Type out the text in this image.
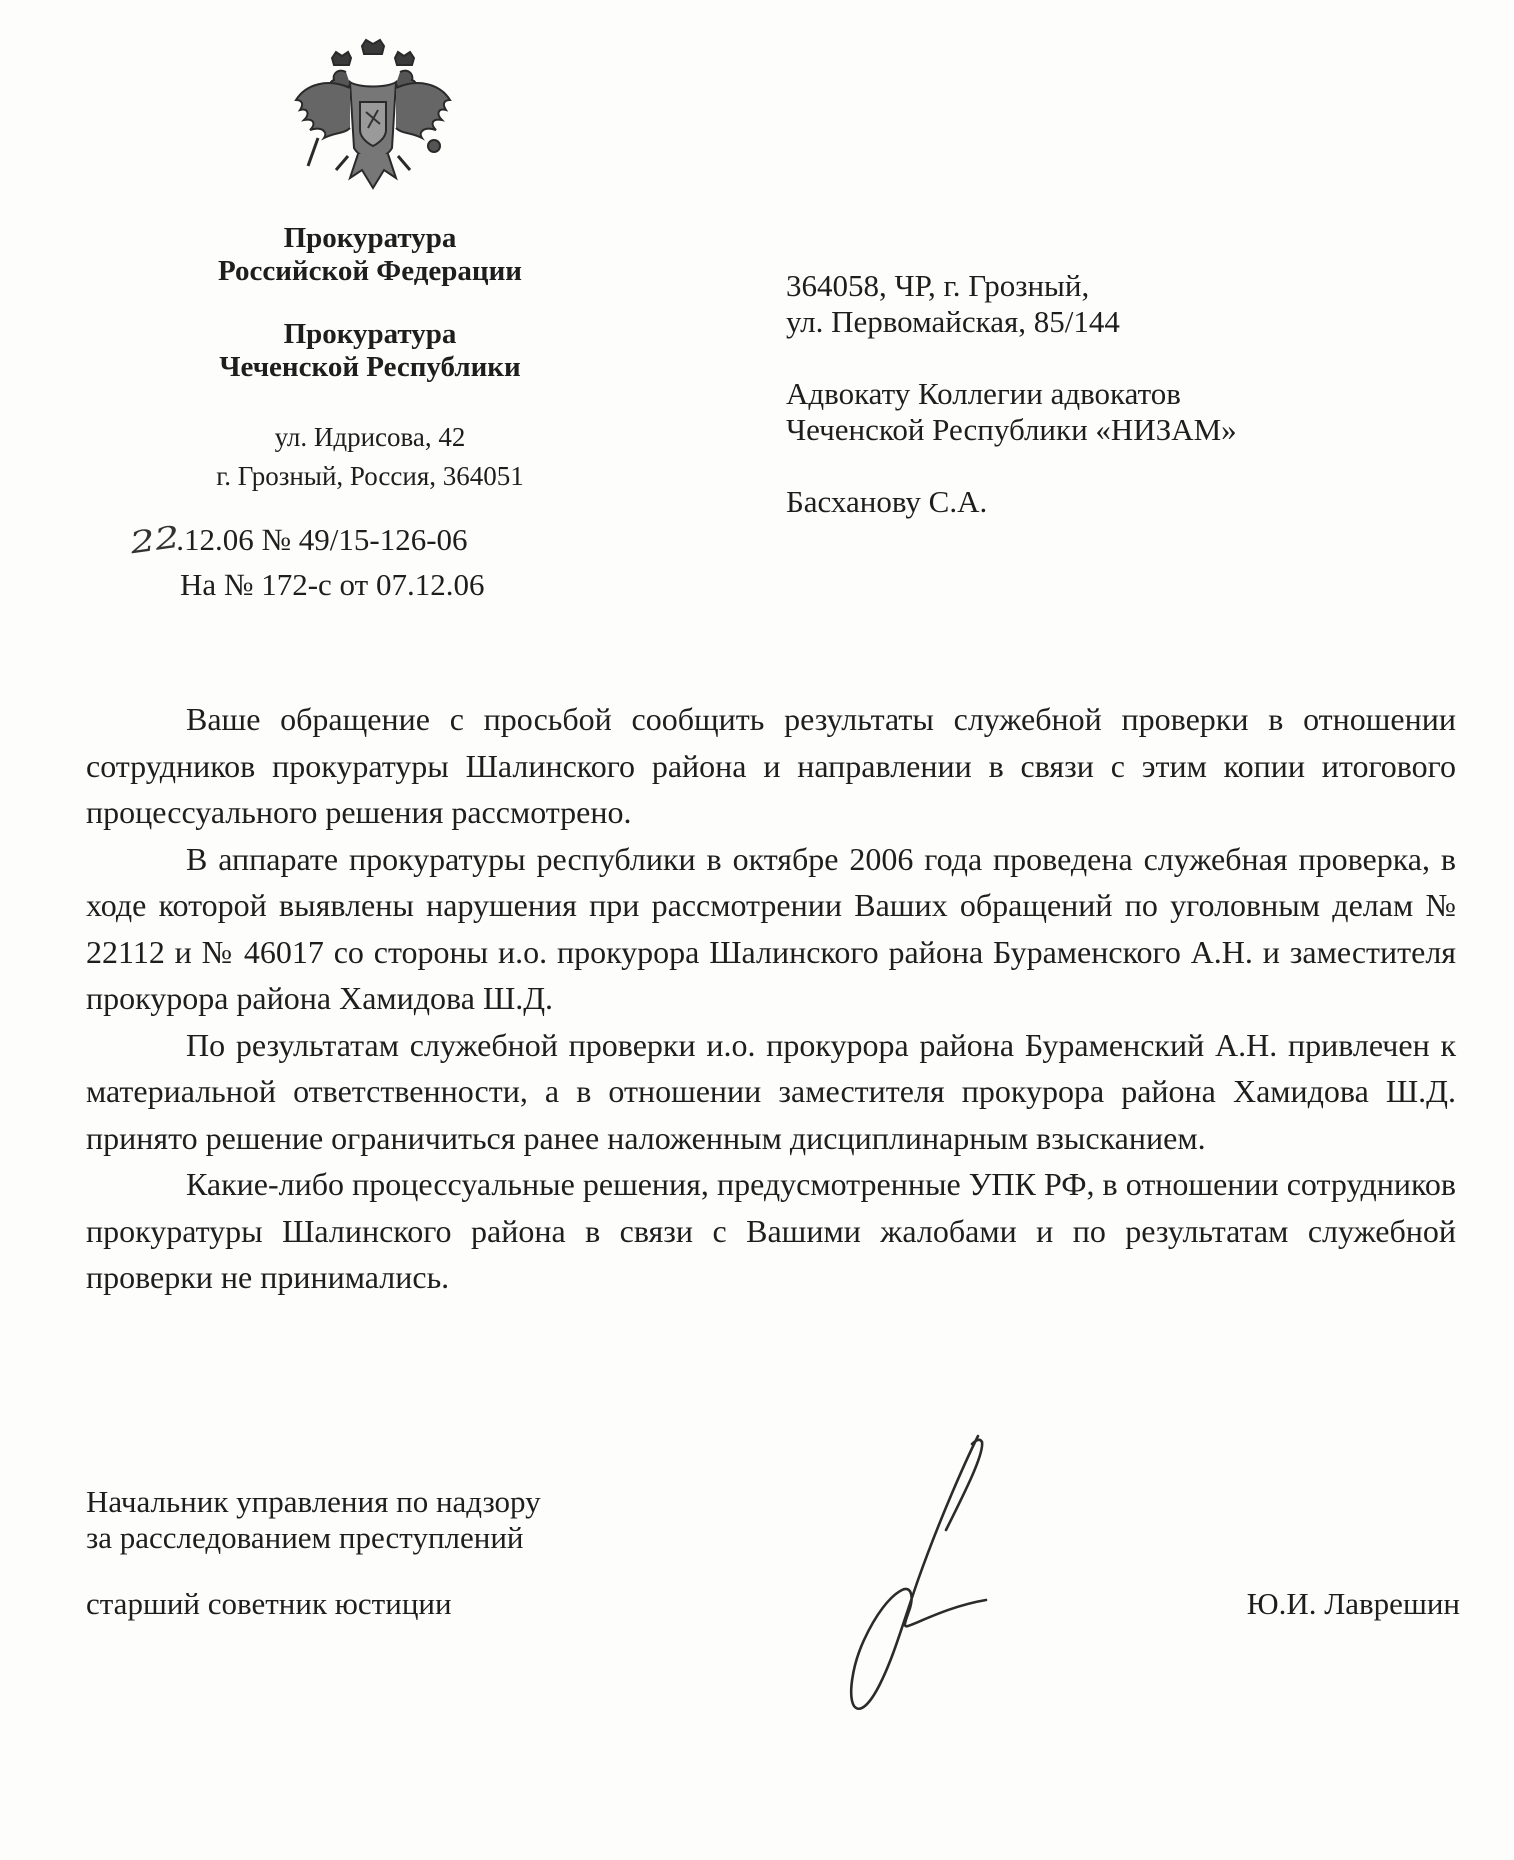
Прокуратура
Российской Федерации

Прокуратура
Чеченской Республики

ул. Идрисова, 42
г. Грозный, Россия, 364051
22.12.06 № 49/15-126-06
На № 172-с от 07.12.06
364058, ЧР, г. Грозный,
ул. Первомайская, 85/144
Адвокату Коллегии адвокатов
Чеченской Республики «НИЗАМ»
Басханову С.А.

Ваше обращение с просьбой сообщить результаты служебной проверки в отношении сотрудников прокуратуры Шалинского района и направлении в связи с этим копии итогового процессуального решения рассмотрено.

В аппарате прокуратуры республики в октябре 2006 года проведена служебная проверка, в ходе которой выявлены нарушения при рассмотрении Ваших обращений по уголовным делам № 22112 и № 46017 со стороны и.о. прокурора Шалинского района Бураменского А.Н. и заместителя прокурора района Хамидова Ш.Д.

По результатам служебной проверки и.о. прокурора района Бураменский А.Н. привлечен к материальной ответственности, а в отношении заместителя прокурора района Хамидова Ш.Д. принято решение ограничиться ранее наложенным дисциплинарным взысканием.

Какие-либо процессуальные решения, предусмотренные УПК РФ, в отношении сотрудников прокуратуры Шалинского района в связи с Вашими жалобами и по результатам служебной проверки не принимались.

Начальник управления по надзору
за расследованием преступлений
старший советник юстиции	Ю.И. Лаврешин
